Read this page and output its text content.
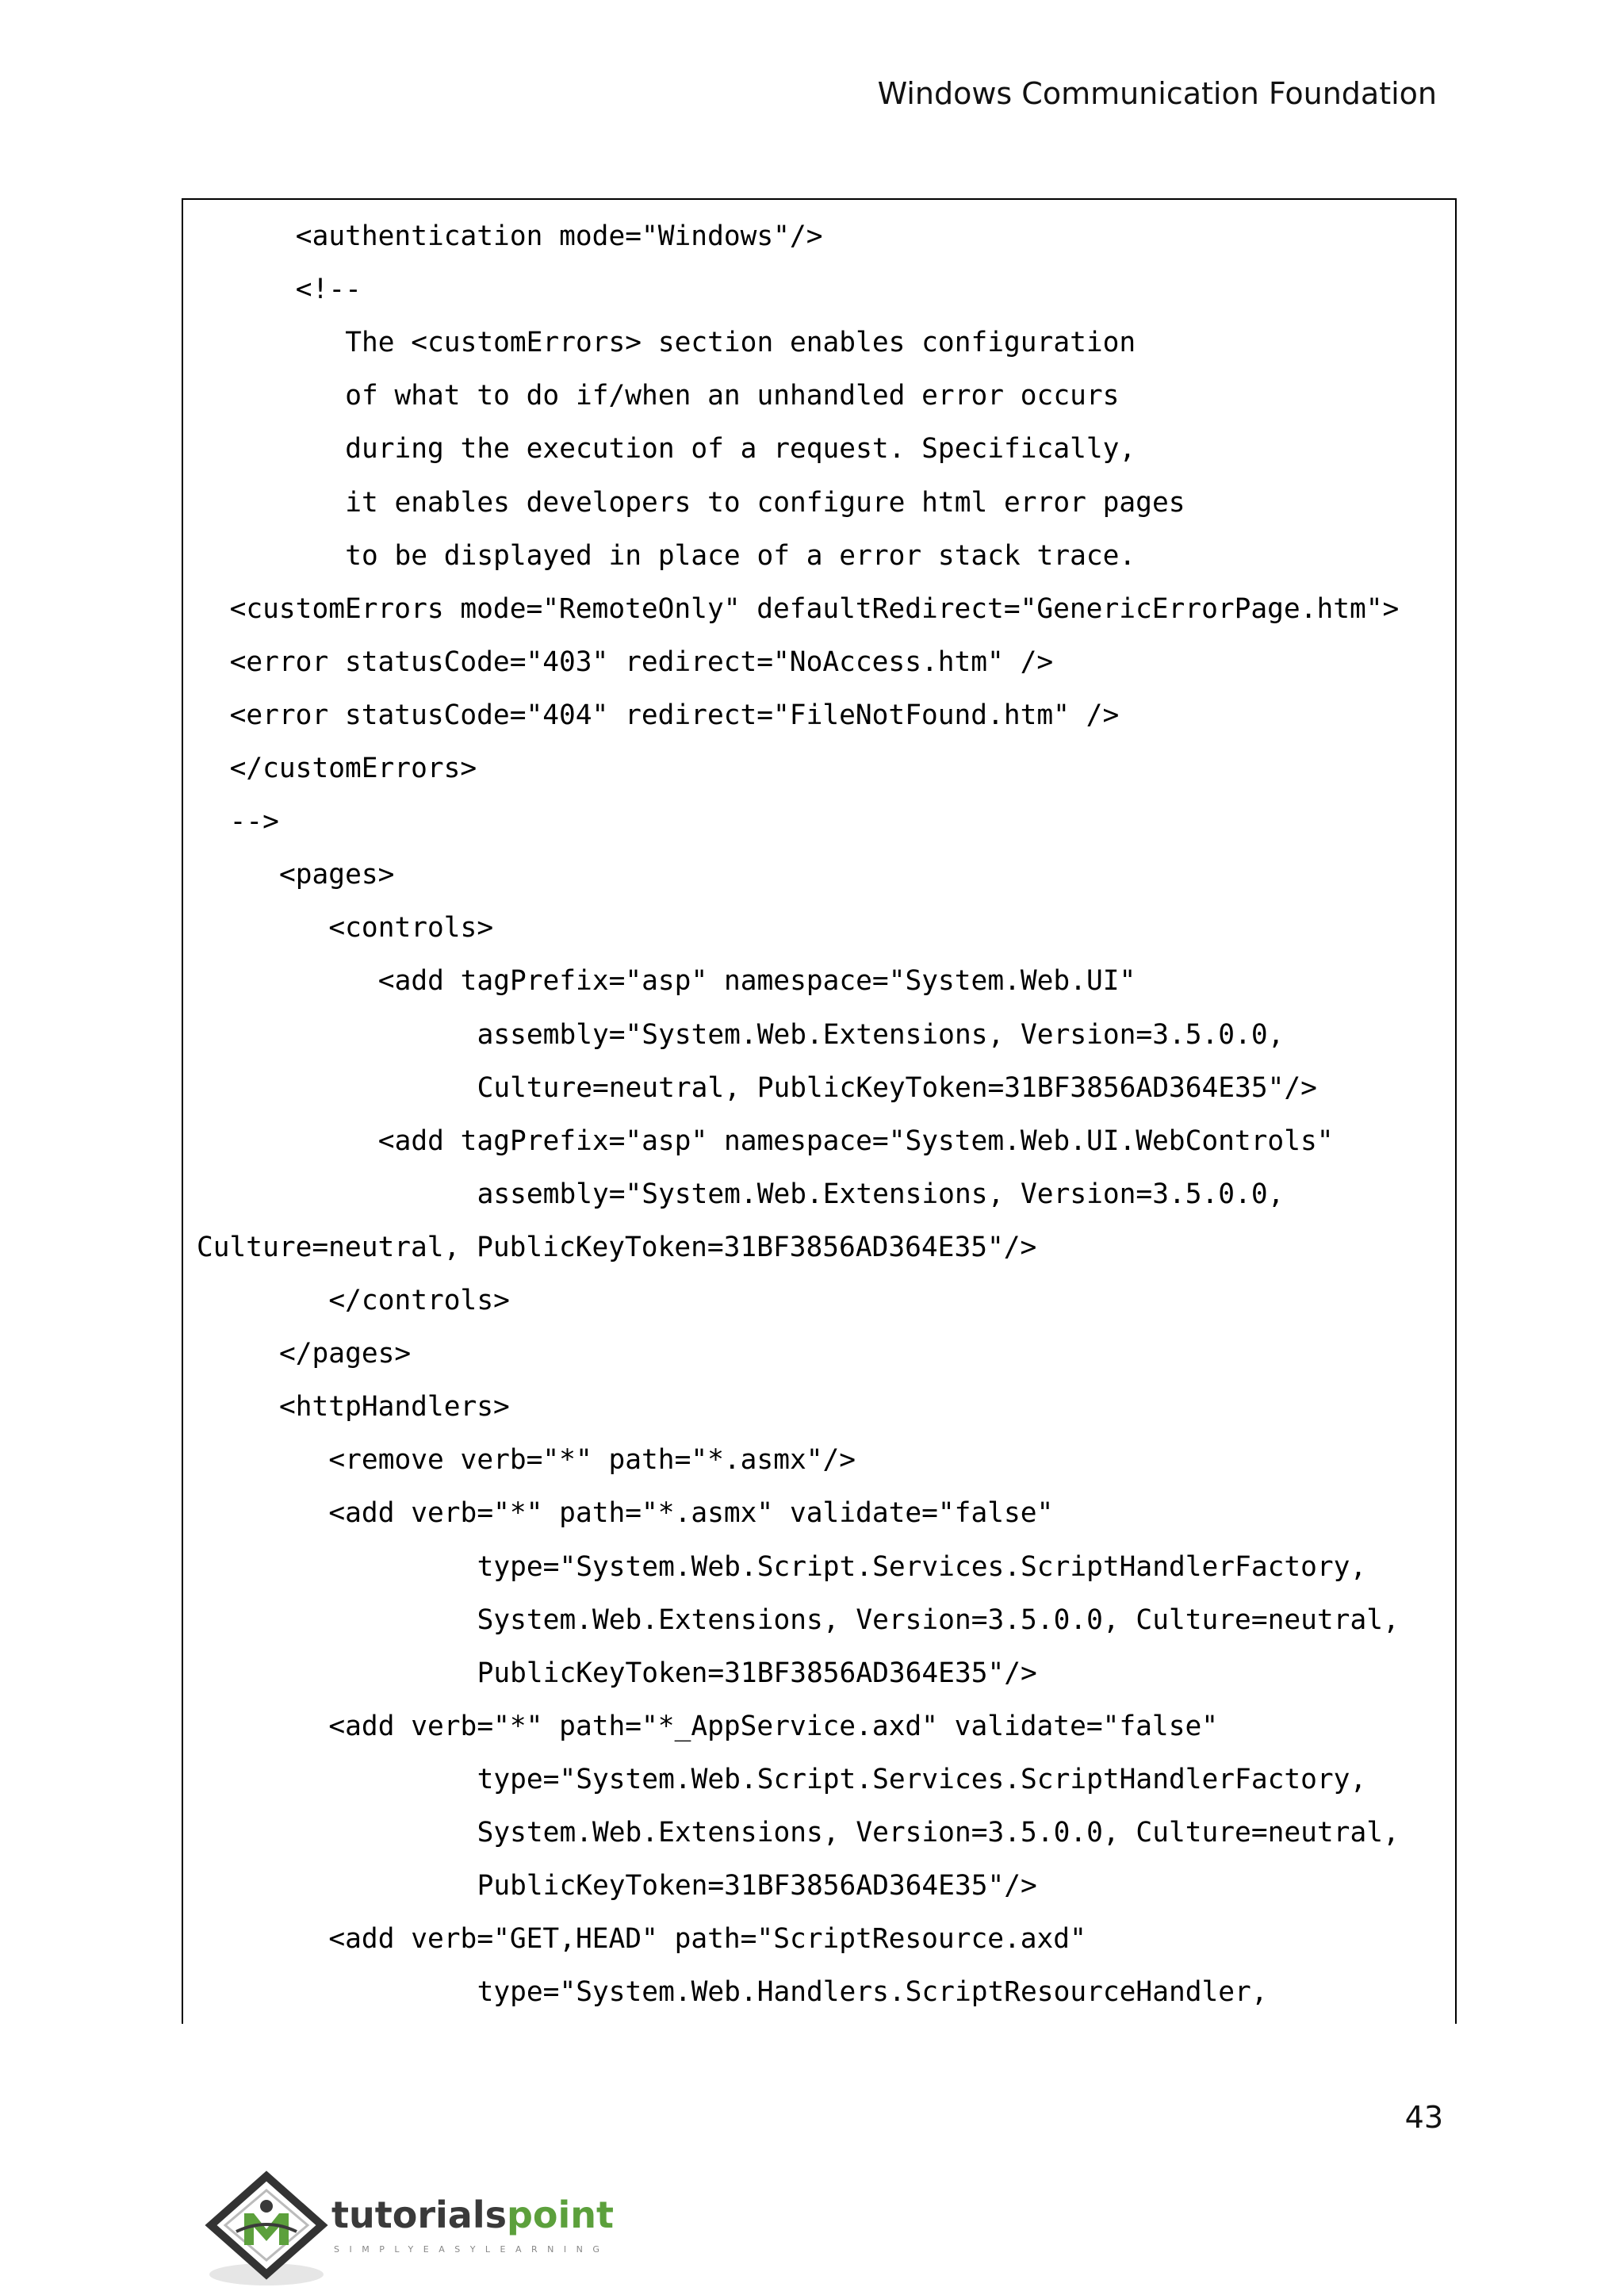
Windows Communication Foundation
<authentication mode="Windows"/>
<!--
The <customErrors> section enables configuration
of what to do if/when an unhandled error occurs
during the execution of a request. Specifically,
it enables developers to configure html error pages
to be displayed in place of a error stack trace.
<customErrors mode="RemoteOnly" defaultRedirect="GenericErrorPage.htm">
<error statusCode="403" redirect="NoAccess.htm" />
<error statusCode="404" redirect="FileNotFound.htm" />
</customErrors>
-->
<pages>
<controls>
<add tagPrefix="asp" namespace="System.Web.UI"
assembly="System.Web.Extensions, Version=3.5.0.0,
Culture=neutral, PublicKeyToken=31BF3856AD364E35"/>
<add tagPrefix="asp" namespace="System.Web.UI.WebControls"
assembly="System.Web.Extensions, Version=3.5.0.0,
Culture=neutral, PublicKeyToken=31BF3856AD364E35"/>
</controls>
</pages>
<httpHandlers>
<remove verb="*" path="*.asmx"/>
<add verb="*" path="*.asmx" validate="false"
type="System.Web.Script.Services.ScriptHandlerFactory,
System.Web.Extensions, Version=3.5.0.0, Culture=neutral,
PublicKeyToken=31BF3856AD364E35"/>
<add verb="*" path="*_AppService.axd" validate="false"
type="System.Web.Script.Services.ScriptHandlerFactory,
System.Web.Extensions, Version=3.5.0.0, Culture=neutral,
PublicKeyToken=31BF3856AD364E35"/>
<add verb="GET,HEAD" path="ScriptResource.axd"
type="System.Web.Handlers.ScriptResourceHandler,
43
tutorialspoint
SIMPLYEASYLEARNING
